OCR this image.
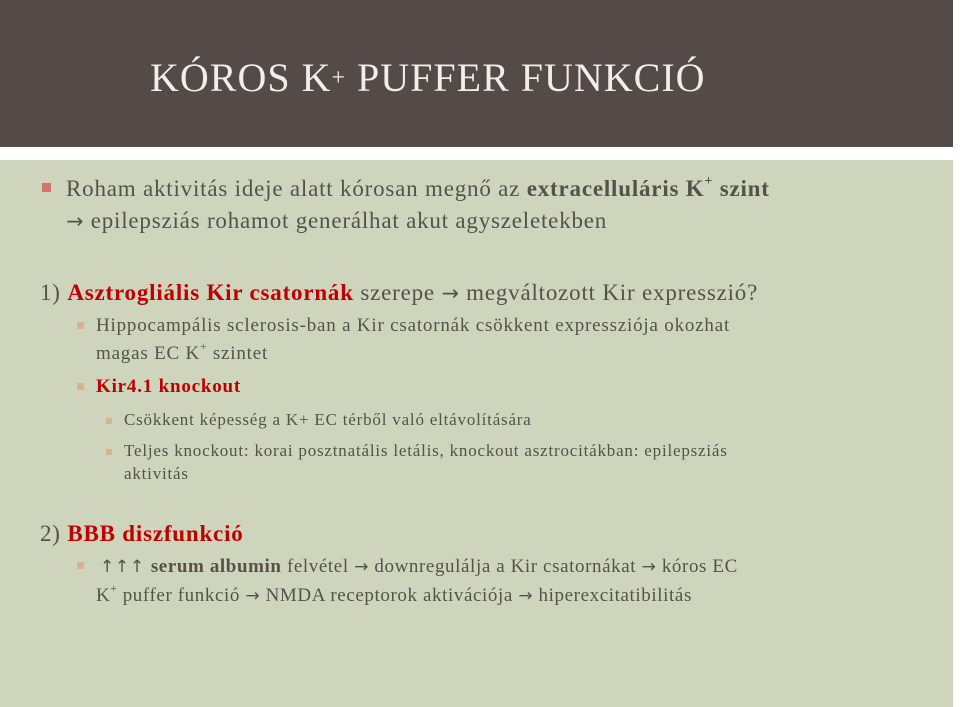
KÓROS K+ PUFFER FUNKCIÓ
Roham aktivitás ideje alatt kórosan megnő az extracelluláris K+ szint
→ epilepsziás rohamot generálhat akut agyszeletekben
1) Asztrogliális Kir csatornák szerepe → megváltozott Kir expresszió?
Hippocampális sclerosis-ban a Kir csatornák csökkent expressziója okozhat
magas EC K+ szintet
Kir4.1 knockout
Csökkent képesség a K+ EC térből való eltávolítására
Teljes knockout: korai posztnatális letális, knockout asztrocitákban: epilepsziás
aktivitás
2) BBB diszfunkció
↑↑↑ serum albumin felvétel → downregulálja a Kir csatornákat → kóros EC
K+ puffer funkció → NMDA receptorok aktivációja → hiperexcitatibilitás
